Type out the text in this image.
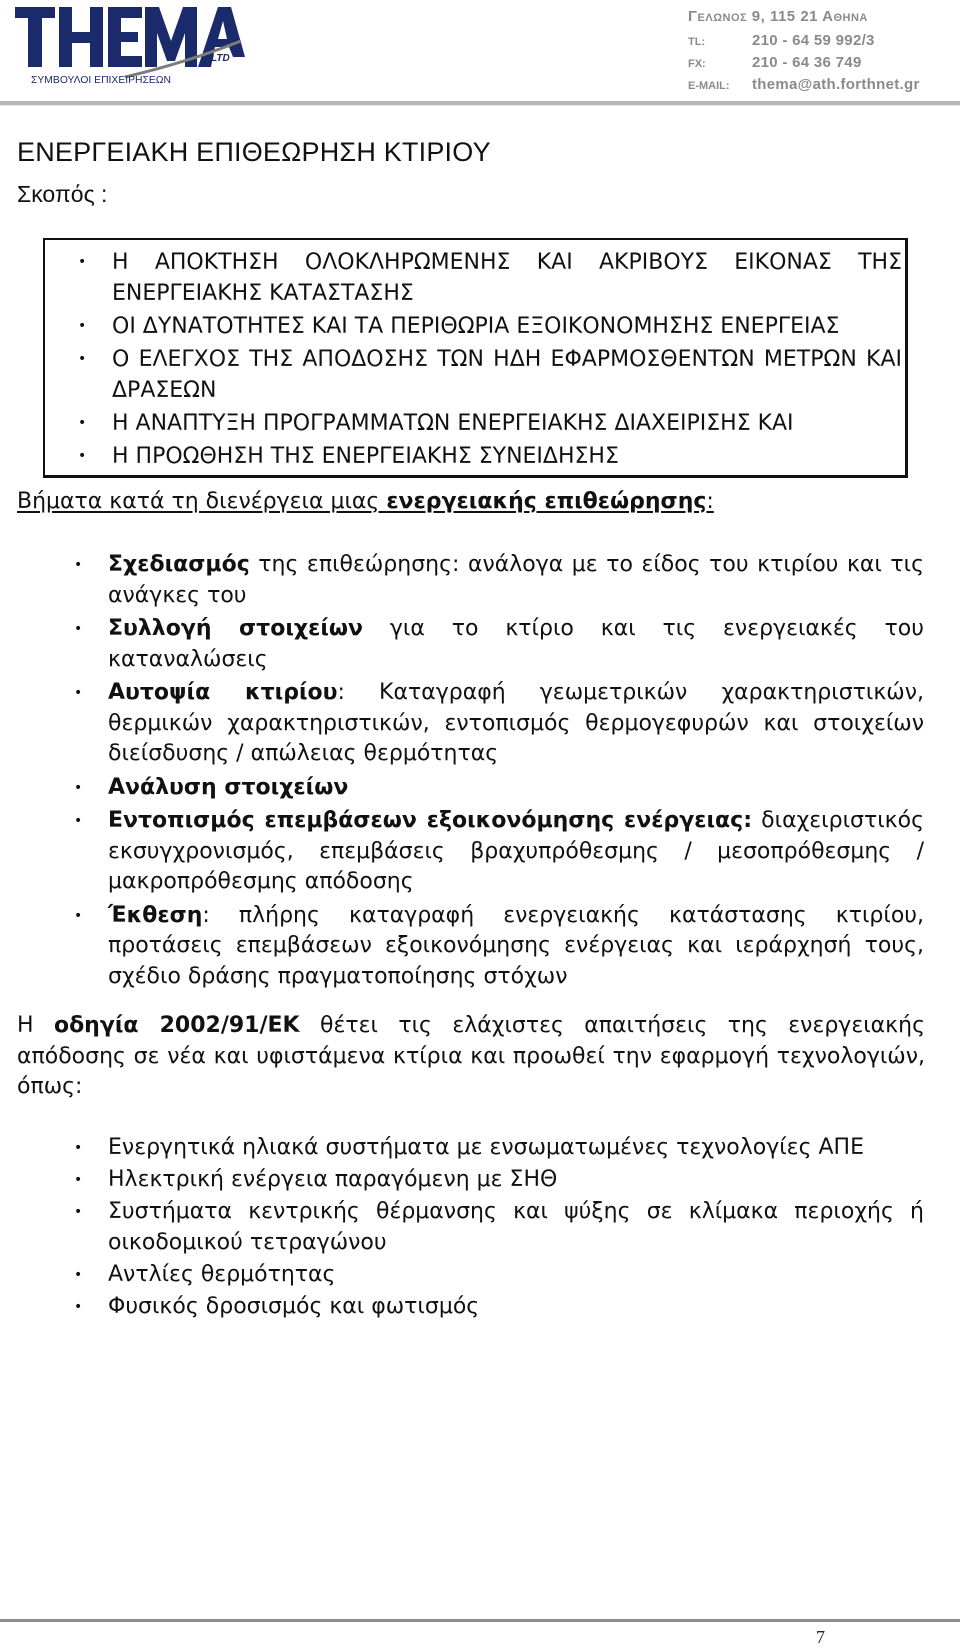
LTD
ΣΥΜΒΟΥΛΟΙ ΕΠΙΧΕΙΡΗΣΕΩΝ
Γελωνος 9, 115 21 Αθηνα
TL:	210 - 64 59 992/3
FX:	210 - 64 36 749
E-MAIL:	thema@ath.forthnet.gr
ΕΝΕΡΓΕΙΑΚΗ ΕΠΙΘΕΩΡΗΣΗ ΚΤΙΡΙΟΥ
Σκοπός :
• Η ΑΠΟΚΤΗΣΗ ΟΛΟΚΛΗΡΩΜΕΝΗΣ ΚΑΙ ΑΚΡΙΒΟΥΣ ΕΙΚΟΝΑΣ ΤΗΣ ΕΝΕΡΓΕΙΑΚΗΣ ΚΑΤΑΣΤΑΣΗΣ
• ΟΙ ΔΥΝΑΤΟΤΗΤΕΣ ΚΑΙ ΤΑ ΠΕΡΙΘΩΡΙΑ ΕΞΟΙΚΟΝΟΜΗΣΗΣ ΕΝΕΡΓΕΙΑΣ
• Ο ΕΛΕΓΧΟΣ ΤΗΣ ΑΠΟΔΟΣΗΣ ΤΩΝ ΗΔΗ ΕΦΑΡΜΟΣΘΕΝΤΩΝ ΜΕΤΡΩΝ ΚΑΙ ΔΡΑΣΕΩΝ
• Η ΑΝΑΠΤΥΞΗ ΠΡΟΓΡΑΜΜΑΤΩΝ ΕΝΕΡΓΕΙΑΚΗΣ ΔΙΑΧΕΙΡΙΣΗΣ ΚΑΙ
• Η ΠΡΟΩΘΗΣΗ ΤΗΣ ΕΝΕΡΓΕΙΑΚΗΣ ΣΥΝΕΙΔΗΣΗΣ
Βήματα κατά τη διενέργεια μιας ενεργειακής επιθεώρησης:
• Σχεδιασμός της επιθεώρησης: ανάλογα με το είδος του κτιρίου και τις ανάγκες του
• Συλλογή στοιχείων για το κτίριο και τις ενεργειακές του καταναλώσεις
• Αυτοψία κτιρίου: Καταγραφή γεωμετρικών χαρακτηριστικών, θερμικών χαρακτηριστικών, εντοπισμός θερμογεφυρών και στοιχείων διείσδυσης / απώλειας θερμότητας
• Ανάλυση στοιχείων
• Εντοπισμός επεμβάσεων εξοικονόμησης ενέργειας: διαχειριστικός εκσυγχρονισμός, επεμβάσεις βραχυπρόθεσμης / μεσοπρόθεσμης / μακροπρόθεσμης απόδοσης
• Έκθεση: πλήρης καταγραφή ενεργειακής κατάστασης κτιρίου, προτάσεις επεμβάσεων εξοικονόμησης ενέργειας και ιεράρχησή τους, σχέδιο δράσης πραγματοποίησης στόχων

Η οδηγία 2002/91/ΕΚ θέτει τις ελάχιστες απαιτήσεις της ενεργειακής απόδοσης σε νέα και υφιστάμενα κτίρια και προωθεί την εφαρμογή τεχνολογιών, όπως:

• Ενεργητικά ηλιακά συστήματα με ενσωματωμένες τεχνολογίες ΑΠΕ
• Ηλεκτρική ενέργεια παραγόμενη με ΣΗΘ
• Συστήματα κεντρικής θέρμανσης και ψύξης σε κλίμακα περιοχής ή οικοδομικού τετραγώνου
• Αντλίες θερμότητας
• Φυσικός δροσισμός και φωτισμός
7
